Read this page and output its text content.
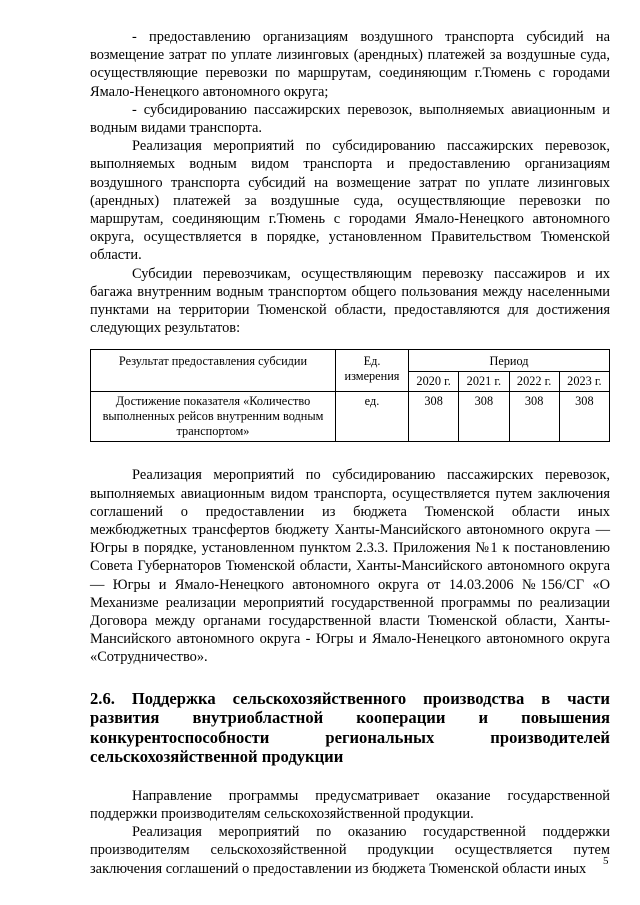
- предоставлению организациям воздушного транспорта субсидий на возмещение затрат по уплате лизинговых (арендных) платежей за воздушные суда, осуществляющие перевозки по маршрутам, соединяющим г.Тюмень с городами Ямало-Ненецкого автономного округа;

- субсидированию пассажирских перевозок, выполняемых авиационным и водным видами транспорта.

Реализация мероприятий по субсидированию пассажирских перевозок, выполняемых водным видом транспорта и предоставлению организациям воздушного транспорта субсидий на возмещение затрат по уплате лизинговых (арендных) платежей за воздушные суда, осуществляющие перевозки по маршрутам, соединяющим г.Тюмень с городами Ямало-Ненецкого автономного округа, осуществляется в порядке, установленном Правительством Тюменской области.

Субсидии перевозчикам, осуществляющим перевозку пассажиров и их багажа внутренним водным транспортом общего пользования между населенными пунктами на территории Тюменской области, предоставляются для достижения следующих результатов:

Результат предоставления субсидии	Ед. измерения	Период			
		2020 г.	2021 г.	2022 г.	2023 г.
Достижение показателя «Количество выполненных рейсов внутренним водным транспортом»	ед.	308	308	308	308

Реализация мероприятий по субсидированию пассажирских перевозок, выполняемых авиационным видом транспорта, осуществляется путем заключения соглашений о предоставлении из бюджета Тюменской области иных межбюджетных трансфертов бюджету Ханты-Мансийского автономного округа — Югры в порядке, установленном пунктом 2.3.3. Приложения №1 к постановлению Совета Губернаторов Тюменской области, Ханты-Мансийского автономного округа — Югры и Ямало-Ненецкого автономного округа от 14.03.2006 №156/СГ «О Механизме реализации мероприятий государственной программы по реализации Договора между органами государственной власти Тюменской области, Ханты-Мансийского автономного округа - Югры и Ямало-Ненецкого автономного округа «Сотрудничество».

2.6. Поддержка сельскохозяйственного производства в части развития внутриобластной кооперации и повышения конкурентоспособности региональных производителей сельскохозяйственной продукции

Направление программы предусматривает оказание государственной поддержки производителям сельскохозяйственной продукции.

Реализация мероприятий по оказанию государственной поддержки производителям сельскохозяйственной продукции осуществляется путем заключения соглашений о предоставлении из бюджета Тюменской области иных	5
